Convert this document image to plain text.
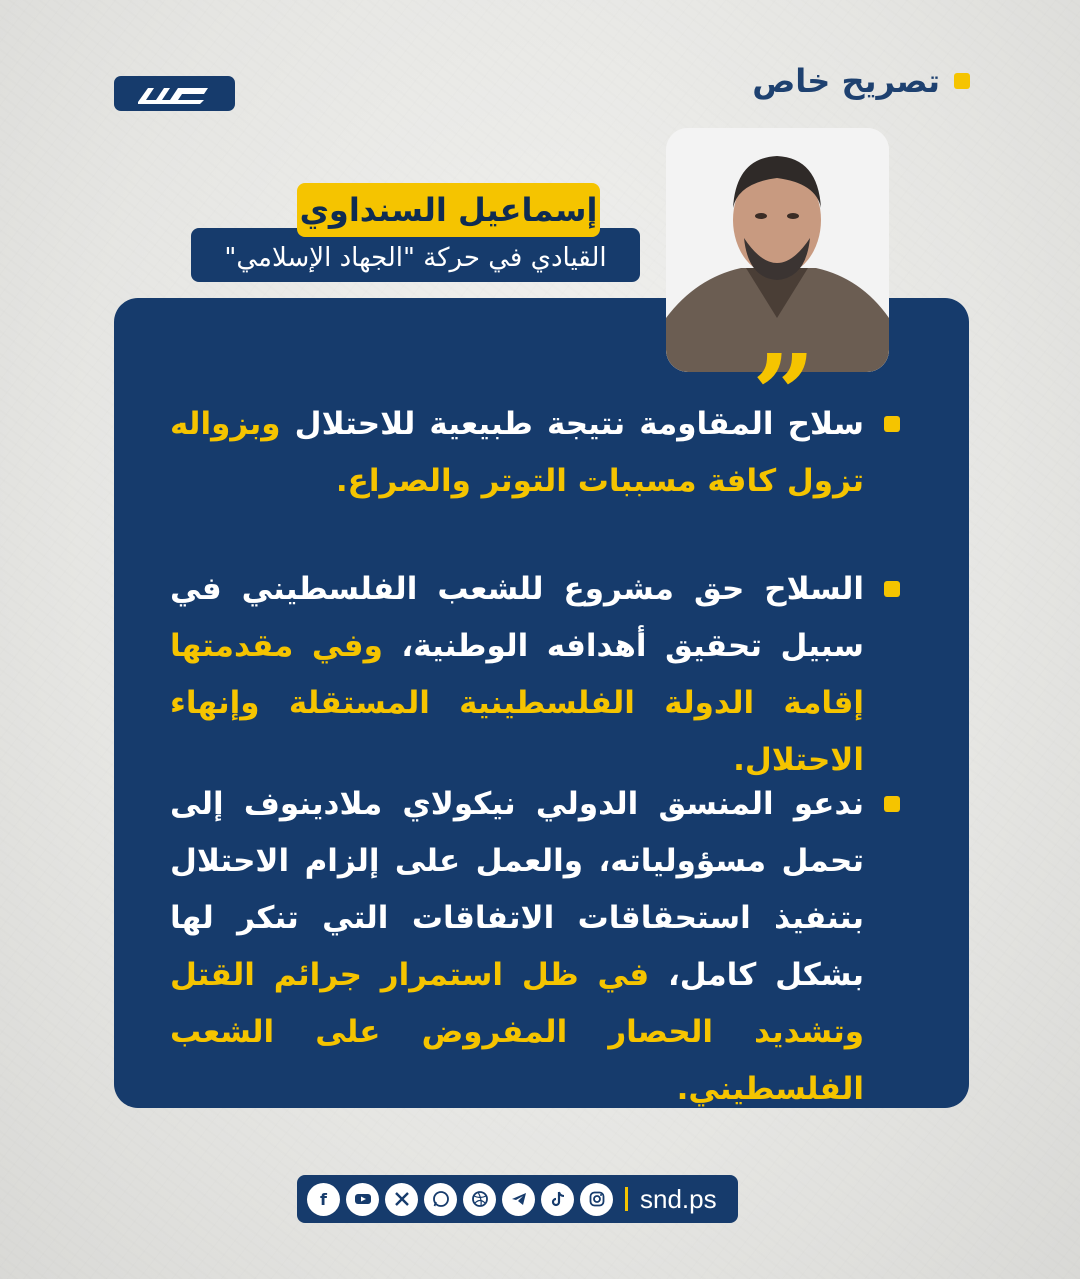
تصريح خاص
إسماعيل السنداوي
القيادي في حركة "الجهاد الإسلامي"
”
سلاح المقاومة نتيجة طبيعية للاحتلال وبزواله تزول كافة مسببات التوتر والصراع.
السلاح حق مشروع للشعب الفلسطيني في سبيل تحقيق أهدافه الوطنية، وفي مقدمتها إقامة الدولة الفلسطينية المستقلة وإنهاء الاحتلال.
ندعو المنسق الدولي نيكولاي ملادينوف إلى تحمل مسؤولياته، والعمل على إلزام الاحتلال بتنفيذ استحقاقات الاتفاقات التي تنكر لها بشكل كامل، في ظل استمرار جرائم القتل وتشديد الحصار المفروض على الشعب الفلسطيني.
f	snd.ps
